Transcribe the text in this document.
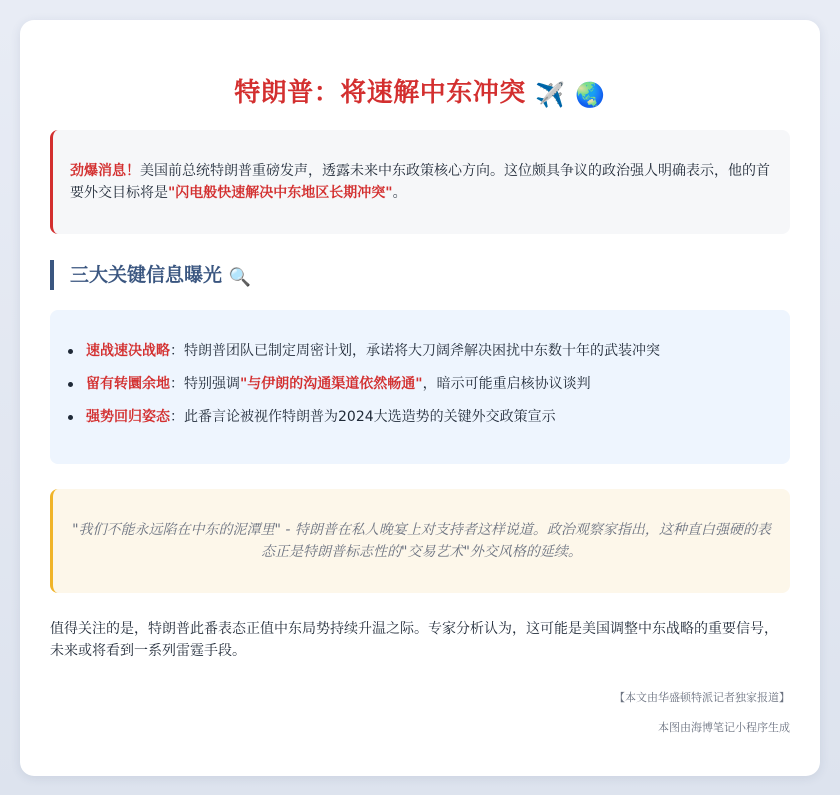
特朗普：将速解中东冲突 ✈️ 🌏
劲爆消息！美国前总统特朗普重磅发声，透露未来中东政策核心方向。这位颇具争议的政治强人明确表示，他的首要外交目标将是"闪电般快速解决中东地区长期冲突"。
三大关键信息曝光 🔍
速战速决战略：特朗普团队已制定周密计划，承诺将大刀阔斧解决困扰中东数十年的武装冲突
留有转圜余地：特别强调"与伊朗的沟通渠道依然畅通"，暗示可能重启核协议谈判
强势回归姿态：此番言论被视作特朗普为2024大选造势的关键外交政策宣示
"我们不能永远陷在中东的泥潭里" - 特朗普在私人晚宴上对支持者这样说道。政治观察家指出，这种直白强硬的表态正是特朗普标志性的"交易艺术"外交风格的延续。
值得关注的是，特朗普此番表态正值中东局势持续升温之际。专家分析认为，这可能是美国调整中东战略的重要信号，未来或将看到一系列雷霆手段。
【本文由华盛顿特派记者独家报道】
本图由海博笔记小程序生成
